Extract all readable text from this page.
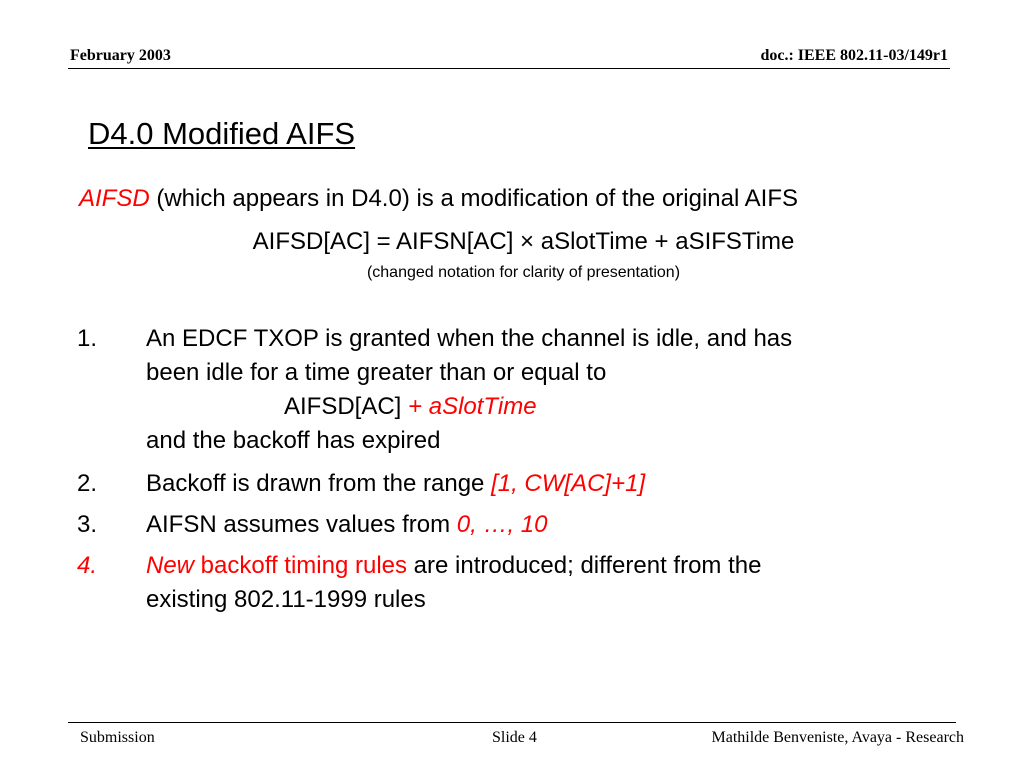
February 2003	doc.: IEEE 802.11-03/149r1
D4.0 Modified AIFS
AIFSD (which appears in D4.0) is a modification of the original AIFS
AIFSD[AC] = AIFSN[AC] × aSlotTime + aSIFSTime
(changed notation for clarity of presentation)
1. An EDCF TXOP is granted when the channel is idle, and has
been idle for a time greater than or equal to
AIFSD[AC] + aSlotTime
and the backoff has expired
2. Backoff is drawn from the range [1, CW[AC]+1]
3. AIFSN assumes values from 0, …, 10
4. New backoff timing rules are introduced; different from the
existing 802.11-1999 rules
Submission	Slide 4	Mathilde Benveniste, Avaya - Research
